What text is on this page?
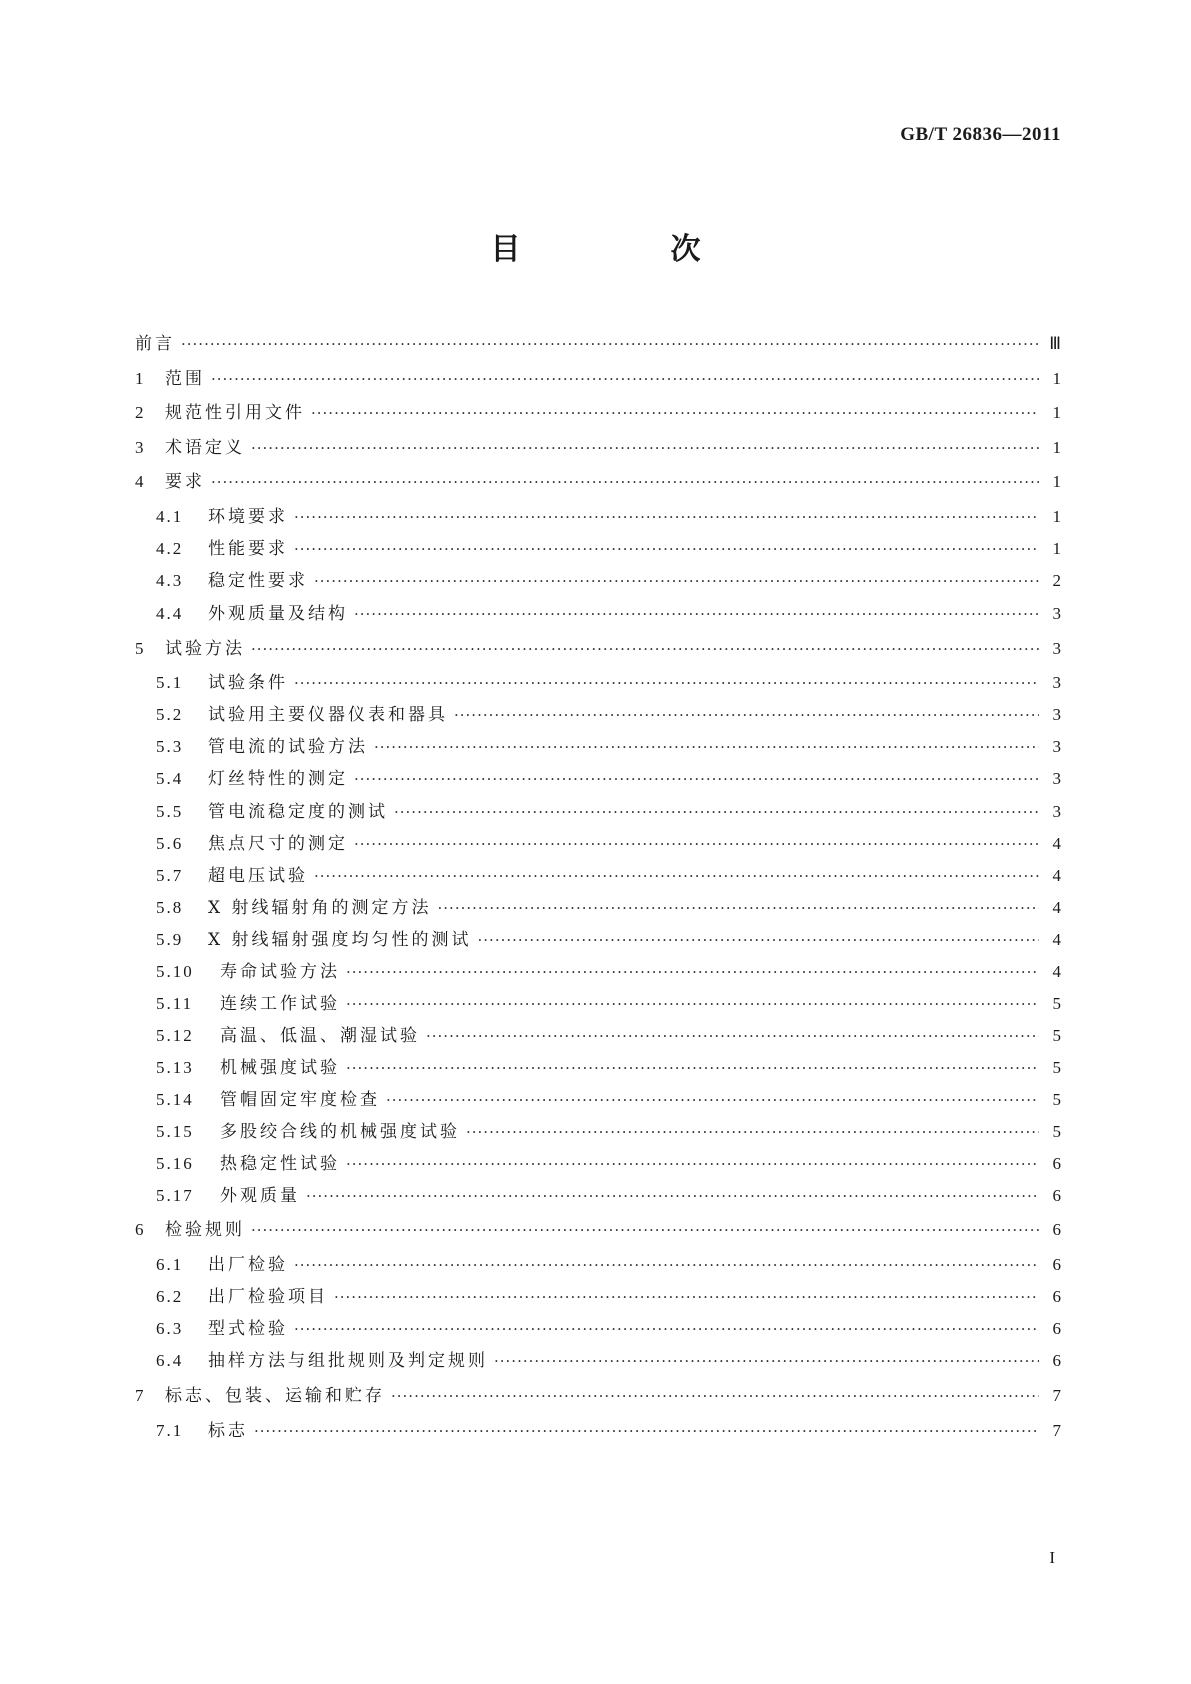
GB/T 26836—2011
目　次
前言 ·····	Ⅲ
1	范围 ·····	1
2	规范性引用文件 ·····	1
3	术语定义 ·····	1
4	要求 ·····	1
4.1	环境要求 ·····	1
4.2	性能要求 ·····	1
4.3	稳定性要求 ·····	2
4.4	外观质量及结构 ·····	3
5	试验方法 ·····	3
5.1	试验条件 ·····	3
5.2	试验用主要仪器仪表和器具 ·····	3
5.3	管电流的试验方法 ·····	3
5.4	灯丝特性的测定 ·····	3
5.5	管电流稳定度的测试 ·····	3
5.6	焦点尺寸的测定 ·····	4
5.7	超电压试验 ·····	4
5.8	X 射线辐射角的测定方法 ·····	4
5.9	X 射线辐射强度均匀性的测试 ·····	4
5.10	寿命试验方法 ·····	4
5.11	连续工作试验 ·····	5
5.12	高温、低温、潮湿试验 ·····	5
5.13	机械强度试验 ·····	5
5.14	管帽固定牢度检查 ·····	5
5.15	多股绞合线的机械强度试验 ·····	5
5.16	热稳定性试验 ·····	6
5.17	外观质量 ·····	6
6	检验规则 ·····	6
6.1	出厂检验 ·····	6
6.2	出厂检验项目 ·····	6
6.3	型式检验 ·····	6
6.4	抽样方法与组批规则及判定规则 ·····	6
7	标志、包装、运输和贮存 ·····	7
7.1	标志 ·····	7
I
